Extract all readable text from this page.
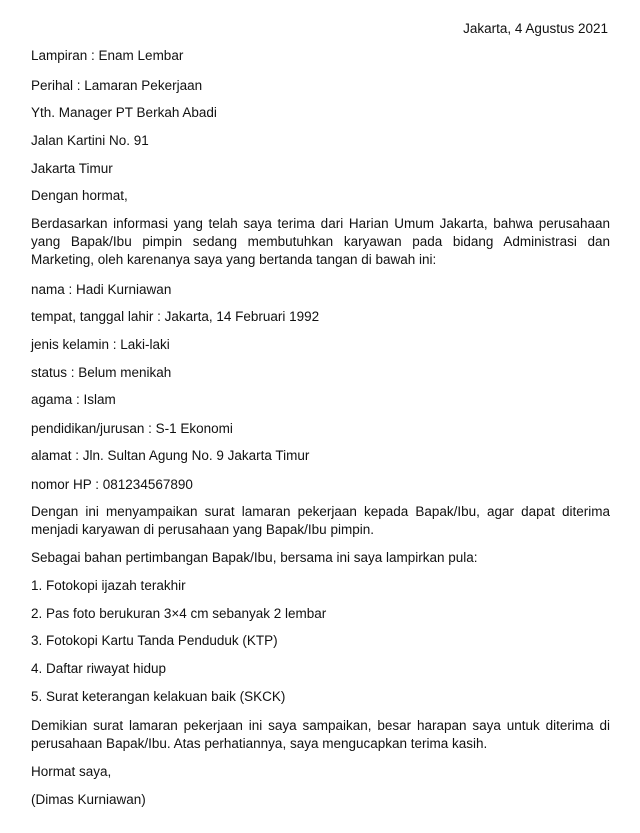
Jakarta, 4 Agustus 2021
Lampiran : Enam Lembar
Perihal : Lamaran Pekerjaan
Yth. Manager PT Berkah Abadi
Jalan Kartini No. 91
Jakarta Timur
Dengan hormat,
Berdasarkan informasi yang telah saya terima dari Harian Umum Jakarta, bahwa perusahaan yang Bapak/Ibu pimpin sedang membutuhkan karyawan pada bidang Administrasi dan Marketing, oleh karenanya saya yang bertanda tangan di bawah ini:
nama : Hadi Kurniawan
tempat, tanggal lahir : Jakarta, 14 Februari 1992
jenis kelamin : Laki-laki
status : Belum menikah
agama : Islam
pendidikan/jurusan : S-1 Ekonomi
alamat : Jln. Sultan Agung No. 9 Jakarta Timur
nomor HP : 081234567890
Dengan ini menyampaikan surat lamaran pekerjaan kepada Bapak/Ibu, agar dapat diterima menjadi karyawan di perusahaan yang Bapak/Ibu pimpin.
Sebagai bahan pertimbangan Bapak/Ibu, bersama ini saya lampirkan pula:
1. Fotokopi ijazah terakhir
2. Pas foto berukuran 3×4 cm sebanyak 2 lembar
3. Fotokopi Kartu Tanda Penduduk (KTP)
4. Daftar riwayat hidup
5. Surat keterangan kelakuan baik (SKCK)
Demikian surat lamaran pekerjaan ini saya sampaikan, besar harapan saya untuk diterima di perusahaan Bapak/Ibu. Atas perhatiannya, saya mengucapkan terima kasih.
Hormat saya,
(Dimas Kurniawan)
